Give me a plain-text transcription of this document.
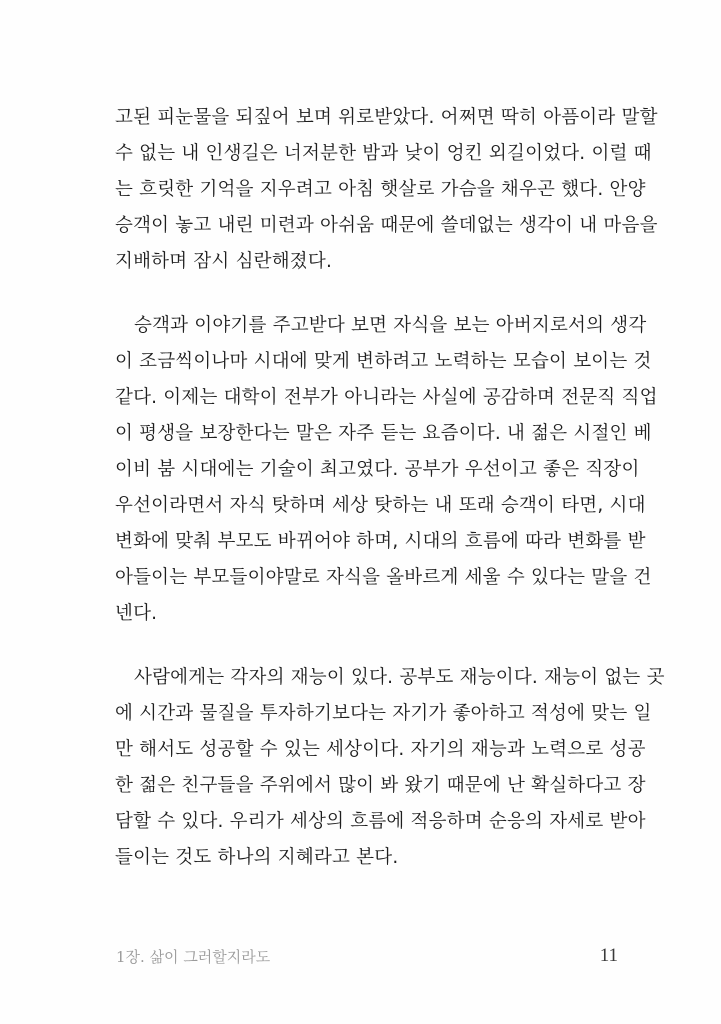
고된 피눈물을 되짚어 보며 위로받았다. 어쩌면 딱히 아픔이라 말할
수 없는 내 인생길은 너저분한 밤과 낮이 엉킨 외길이었다. 이럴 때
는 흐릿한 기억을 지우려고 아침 햇살로 가슴을 채우곤 했다. 안양
승객이 놓고 내린 미련과 아쉬움 때문에 쓸데없는 생각이 내 마음을
지배하며 잠시 심란해졌다.

승객과 이야기를 주고받다 보면 자식을 보는 아버지로서의 생각
이 조금씩이나마 시대에 맞게 변하려고 노력하는 모습이 보이는 것
같다. 이제는 대학이 전부가 아니라는 사실에 공감하며 전문직 직업
이 평생을 보장한다는 말은 자주 듣는 요즘이다. 내 젊은 시절인 베
이비 붐 시대에는 기술이 최고였다. 공부가 우선이고 좋은 직장이
우선이라면서 자식 탓하며 세상 탓하는 내 또래 승객이 타면, 시대
변화에 맞춰 부모도 바뀌어야 하며, 시대의 흐름에 따라 변화를 받
아들이는 부모들이야말로 자식을 올바르게 세울 수 있다는 말을 건
넨다.

사람에게는 각자의 재능이 있다. 공부도 재능이다. 재능이 없는 곳
에 시간과 물질을 투자하기보다는 자기가 좋아하고 적성에 맞는 일
만 해서도 성공할 수 있는 세상이다. 자기의 재능과 노력으로 성공
한 젊은 친구들을 주위에서 많이 봐 왔기 때문에 난 확실하다고 장
담할 수 있다. 우리가 세상의 흐름에 적응하며 순응의 자세로 받아
들이는 것도 하나의 지혜라고 본다.

1장. 삶이 그러할지라도	11
